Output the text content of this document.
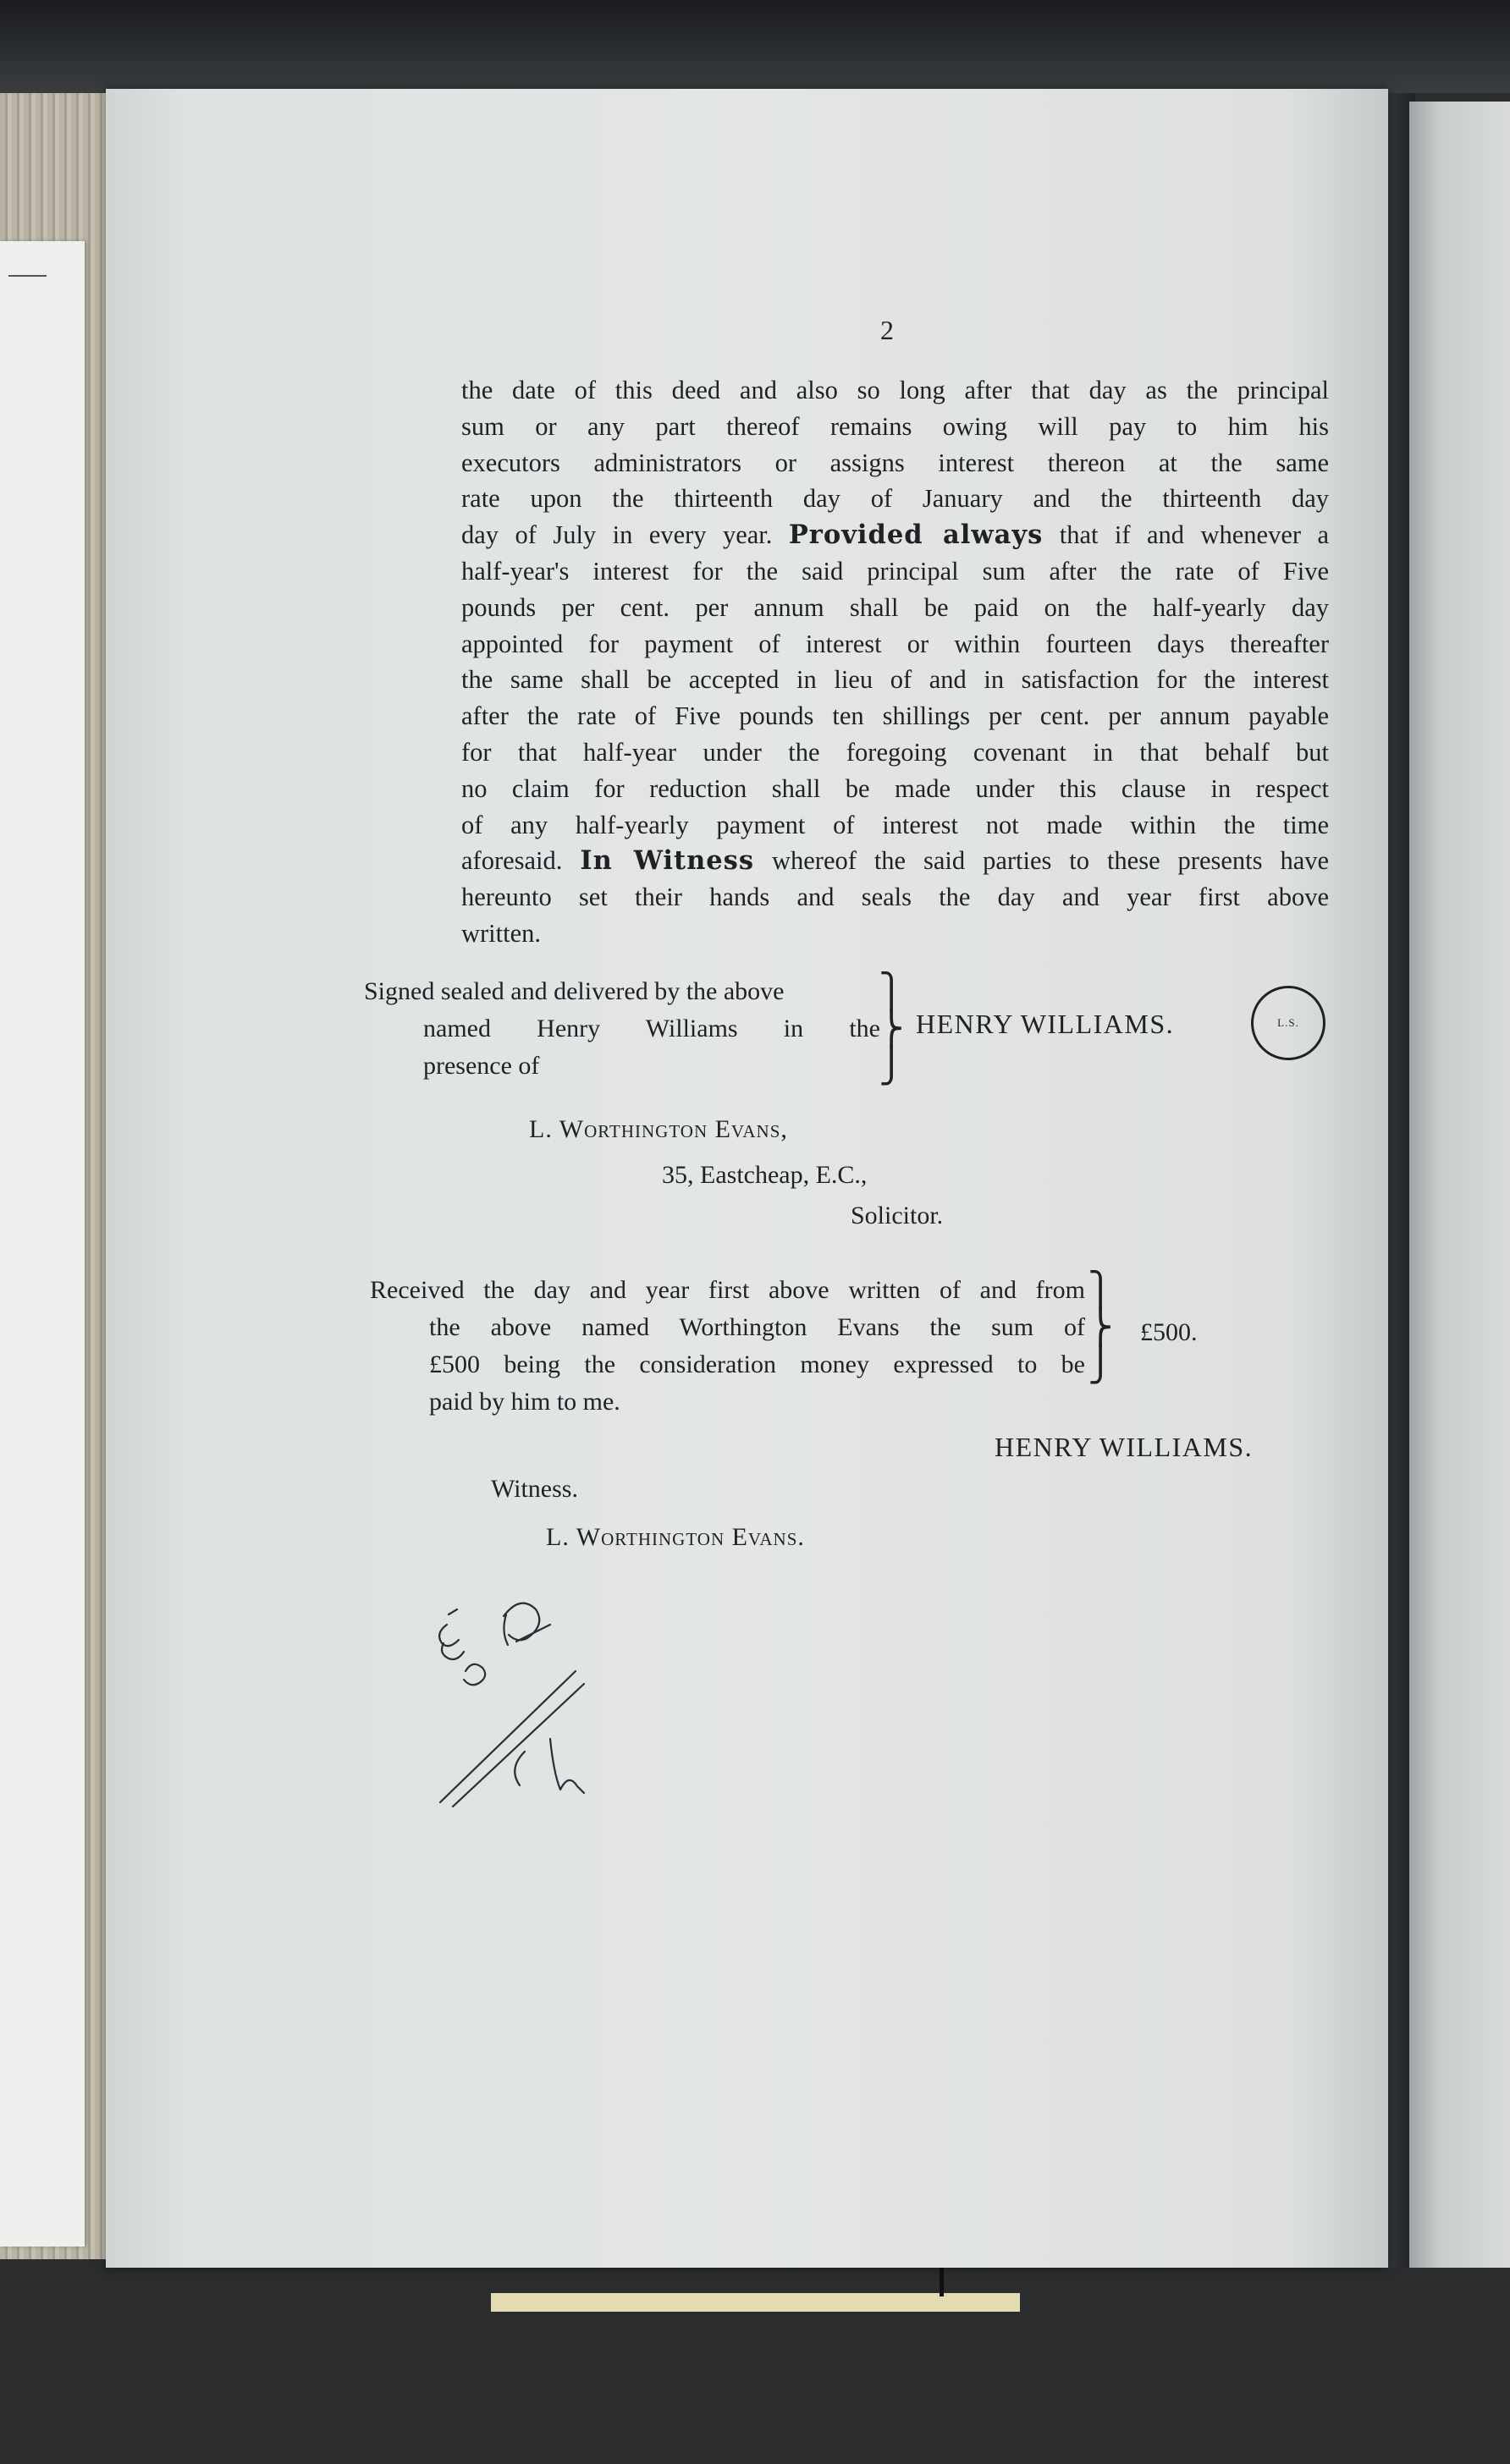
2
the date of this deed and also so long after that day as the principal
sum or any part thereof remains owing will pay to him his
executors administrators or assigns interest thereon at the same
rate upon the thirteenth day of January and the thirteenth day
day of July in every year. Provided always that if and whenever a
half-year's interest for the said principal sum after the rate of Five
pounds per cent. per annum shall be paid on the half-yearly day
appointed for payment of interest or within fourteen days thereafter
the same shall be accepted in lieu of and in satisfaction for the interest
after the rate of Five pounds ten shillings per cent. per annum payable
for that half-year under the foregoing covenant in that behalf but
no claim for reduction shall be made under this clause in respect
of any half-yearly payment of interest not made within the time
aforesaid. In Witness whereof the said parties to these presents have
hereunto set their hands and seals the day and year first above
written.
Signed sealed and delivered by the above
named Henry Williams in the
presence of
⎫
⎬
⎭
HENRY WILLIAMS.	L.S.
L. Worthington Evans,
35, Eastcheap, E.C.,
Solicitor.
Received the day and year first above written of and from
the above named Worthington Evans the sum of
£500 being the consideration money expressed to be
paid by him to me.
⎫
⎬
⎭
£500.
HENRY WILLIAMS.
Witness.
L. Worthington Evans.
